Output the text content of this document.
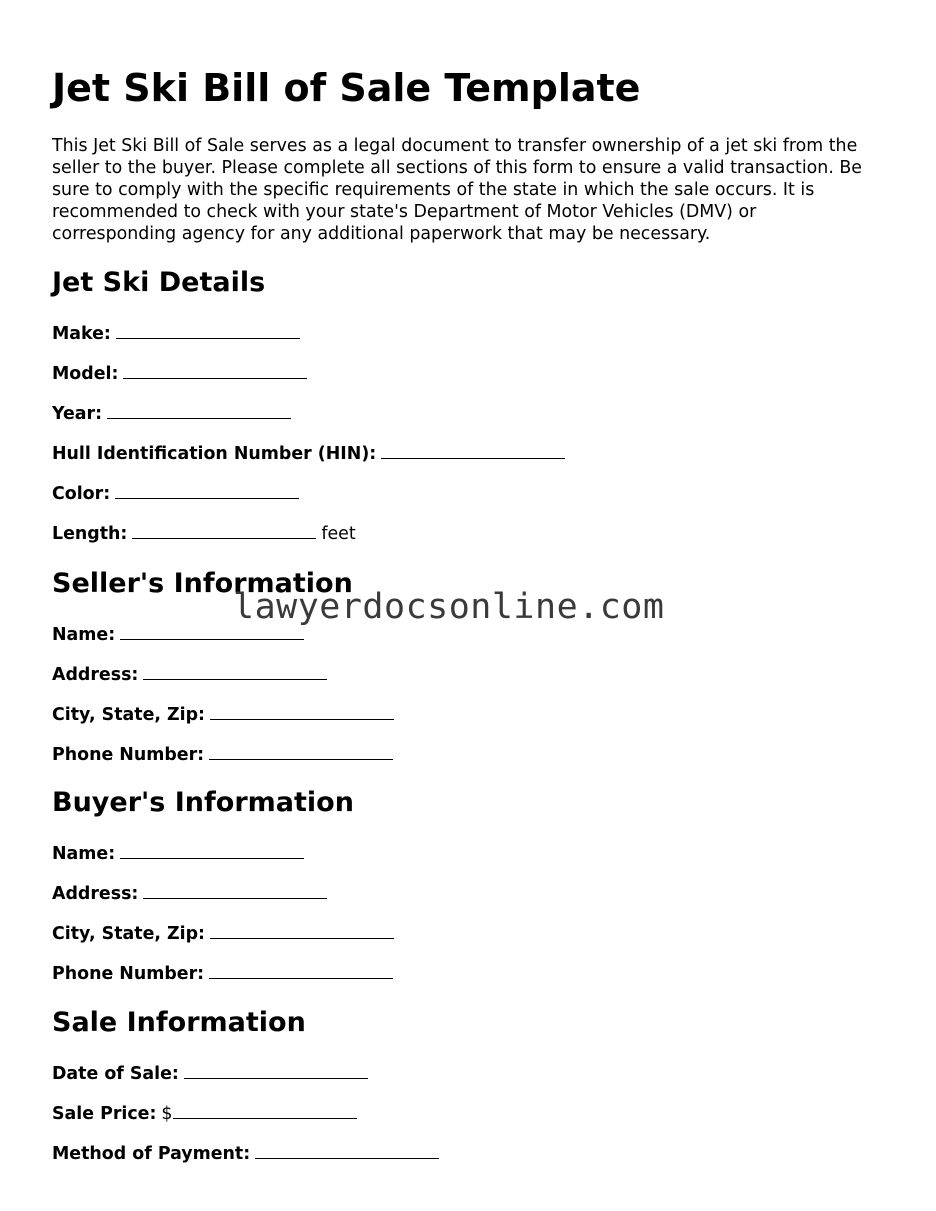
Jet Ski Bill of Sale Template

This Jet Ski Bill of Sale serves as a legal document to transfer ownership of a jet ski from the seller to the buyer. Please complete all sections of this form to ensure a valid transaction. Be sure to comply with the specific requirements of the state in which the sale occurs. It is recommended to check with your state's Department of Motor Vehicles (DMV) or corresponding agency for any additional paperwork that may be necessary.

Jet Ski Details
Make:
Model:
Year:
Hull Identification Number (HIN):
Color:
Length:	feet
Seller's Information
Name:
Address:
City, State, Zip:
Phone Number:
Buyer's Information
Name:
Address:
City, State, Zip:
Phone Number:
Sale Information
Date of Sale:
Sale Price: $
Method of Payment:
lawyerdocsonline.com
